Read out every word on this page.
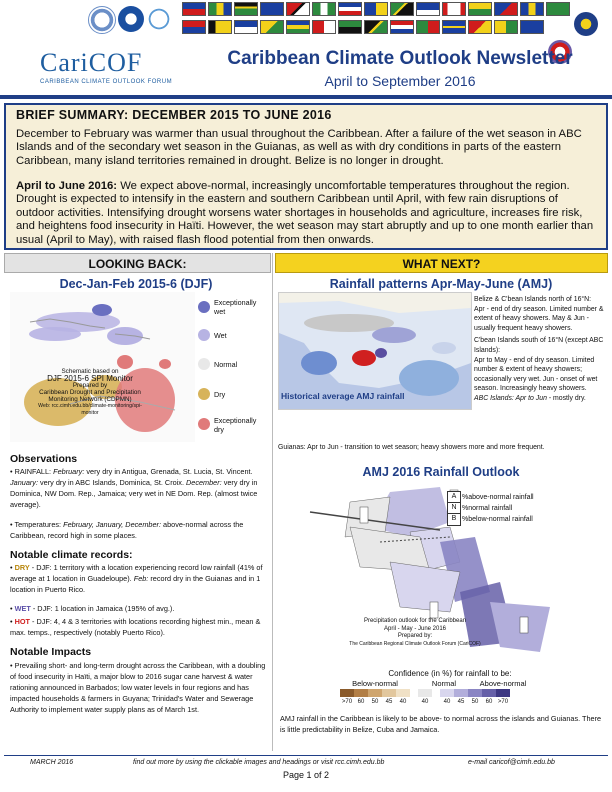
CariCOF
CARIBBEAN CLIMATE OUTLOOK FORUM
Caribbean Climate Outlook Newsletter
April to September 2016
BRIEF SUMMARY: DECEMBER 2015 TO JUNE 2016
December to February was warmer than usual throughout the Caribbean. After a failure of the wet season in ABC Islands and of the secondary wet season in the Guianas, as well as with dry conditions in parts of the eastern Caribbean, many island territories remained in drought. Belize is no longer in drought.
April to June 2016: We expect above-normal, increasingly uncomfortable temperatures throughout the region. Drought is expected to intensify in the eastern and southern Caribbean until April, with few rain disruptions of outdoor activities. Intensifying drought worsens water shortages in households and agriculture, increases fire risk, and heightens food insecurity in Haïti. However, the wet season may start abruptly and up to one month earlier than usual (April to May), with raised flash flood potential from then onwards.
LOOKING BACK:	WHAT NEXT?
Dec-Jan-Feb 2015-6 (DJF)
Schematic based on
DJF 2015-6 SPI Monitor
Prepared by
Caribbean Drought and Precipitation
Monitoring Network (CDPMN)
Web: rcc.cimh.edu.bb/climate-monitoring/spi-monitor
Exceptionally wet
Wet
Normal
Dry
Exceptionally dry
Observations
• RAINFALL: February: very dry in Antigua, Grenada, St. Lucia, St. Vincent. January: very dry in ABC Islands, Dominica, St. Croix. December: very dry in Dominica, NW Dom. Rep., Jamaica; very wet in NE Dom. Rep. (almost twice average).
• Temperatures: February, January, December: above-normal across the Caribbean, record high in some places.
Notable climate records:
• DRY - DJF: 1 territory with a location experiencing record low rainfall (41% of average at 1 location in Guadeloupe). Feb: record dry in the Guianas and in 1 location in Puerto Rico.
• WET - DJF: 1 location in Jamaica (195% of avg.).
• HOT - DJF: 4, 4 & 3 territories with locations recording highest min., mean & max. temps., respectively (notably Puerto Rico).
Notable Impacts
• Prevailing short- and long-term drought across the Caribbean, with a doubling of food insecurity in Haïti, a major blow to 2016 sugar cane harvest & water rationing announced in Barbados; low water levels in four regions and has impacted households & farmers in Guyana; Trinidad's Water and Sewerage Authority to implement water supply plans as of March 1st.
Rainfall patterns Apr-May-June (AMJ)
Historical average AMJ rainfall
Belize & C'bean Islands north of 16°N:
Apr - end of dry season. Limited number & extent of heavy showers. May & Jun - usually frequent heavy showers.
C'bean Islands south of 16°N (except ABC Islands):
Apr to May - end of dry season. Limited number & extent of heavy showers; occasionally very wet. Jun - onset of wet season. Increasingly heavy showers.
ABC Islands: Apr to Jun - mostly dry.
Guianas: Apr to Jun - transition to wet season; heavy showers more and more frequent.
AMJ 2016 Rainfall Outlook
A %above-normal rainfall
N %normal rainfall
B %below-normal rainfall
Precipitation outlook for the Caribbean
April - May - June 2016
Prepared by:
The Caribbean Regional Climate Outlook Forum (CariCOF)
Confidence (in %) for rainfall to be:
Below-normal	Normal	Above-normal
>70 60	50	45	40	40	40	45	50	60 >70
AMJ rainfall in the Caribbean is likely to be above- to normal across the islands and Guianas. There is little predictability in Belize, Cuba and Jamaica.
MARCH 2016	find out more by using the clickable images and headings or visit rcc.cimh.edu.bb	e-mail caricof@cimh.edu.bb
Page 1 of 2
